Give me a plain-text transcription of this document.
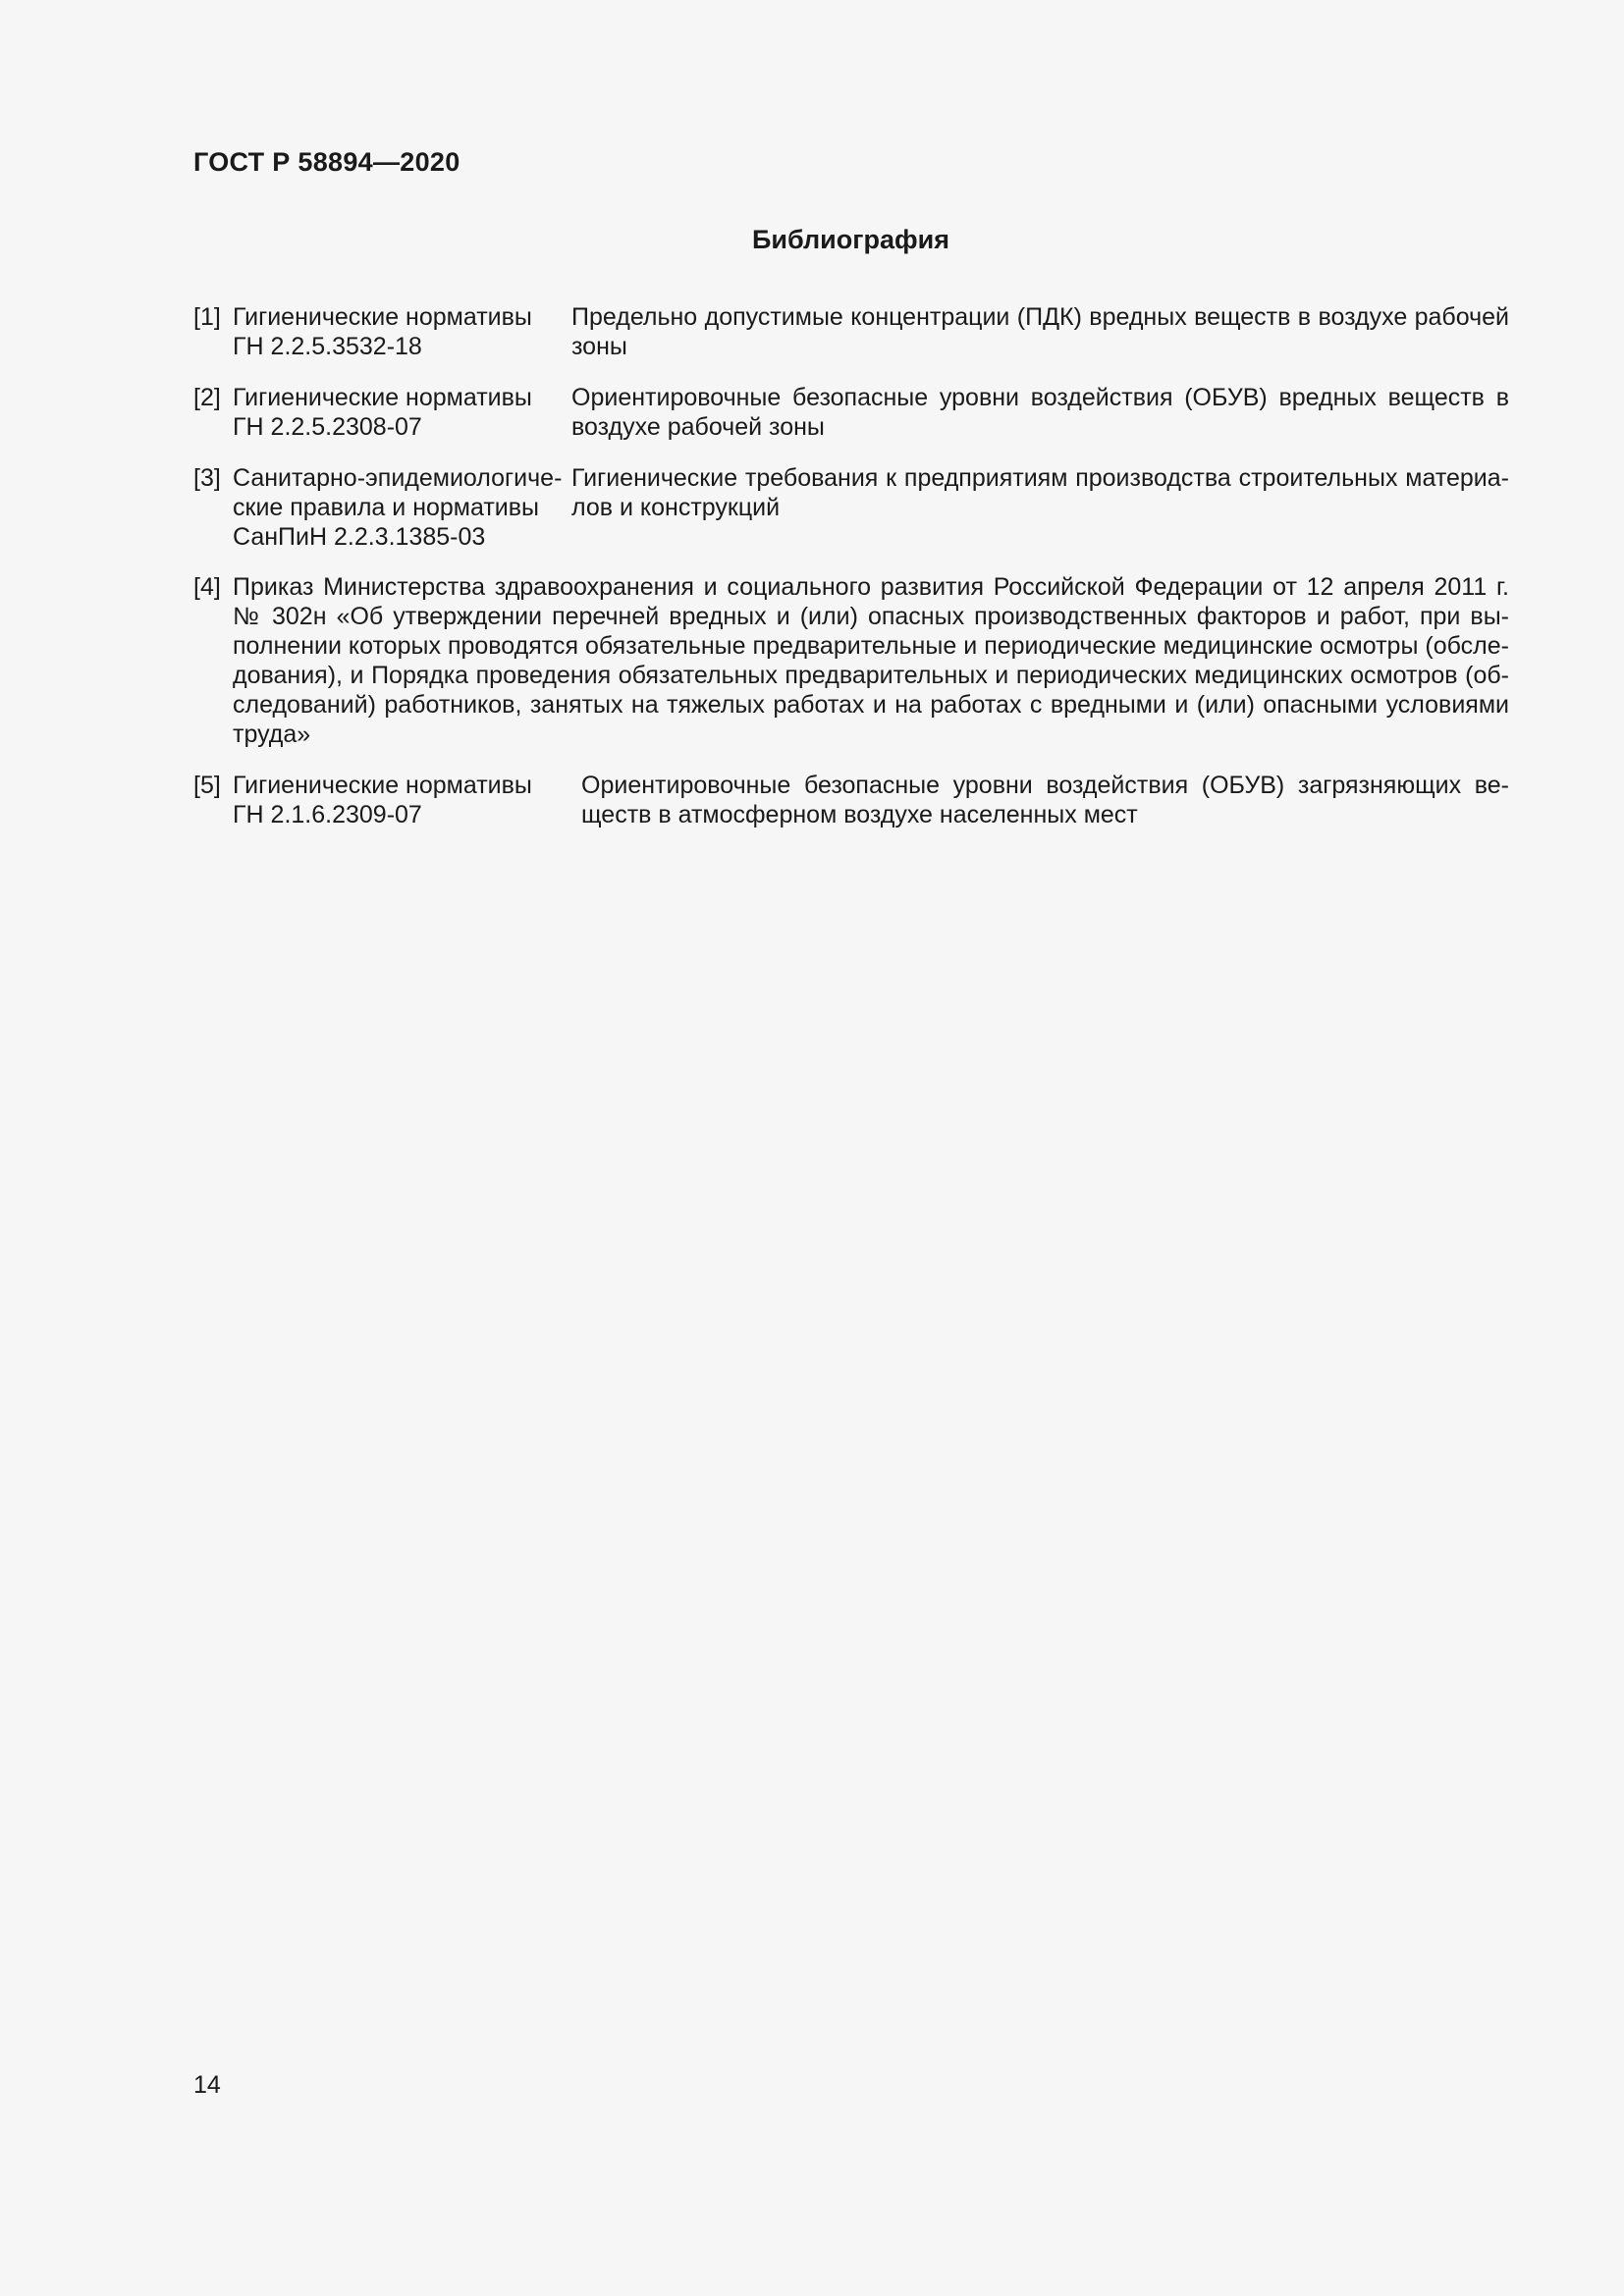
ГОСТ Р 58894—2020
Библиография
[1] Гигиенические нормативы
ГН 2.2.5.3532-18
Предельно допустимые концентрации (ПДК) вредных веществ в воздухе рабочей
зоны
[2] Гигиенические нормативы
ГН 2.2.5.2308-07
Ориентировочные безопасные уровни воздействия (ОБУВ) вредных веществ в
воздухе рабочей зоны
[3] Санитарно-эпидемиологиче-
ские правила и нормативы
СанПиН 2.2.3.1385-03
Гигиенические требования к предприятиям производства строительных материа-
лов и конструкций
[4] Приказ Министерства здравоохранения и социального развития Российской Федерации от 12 апреля 2011 г.
№ 302н «Об утверждении перечней вредных и (или) опасных производственных факторов и работ, при вы-
полнении которых проводятся обязательные предварительные и периодические медицинские осмотры (обсле-
дования), и Порядка проведения обязательных предварительных и периодических медицинских осмотров (об-
следований) работников, занятых на тяжелых работах и на работах с вредными и (или) опасными условиями
труда»
[5] Гигиенические нормативы
ГН 2.1.6.2309-07
Ориентировочные безопасные уровни воздействия (ОБУВ) загрязняющих ве-
ществ в атмосферном воздухе населенных мест
14
